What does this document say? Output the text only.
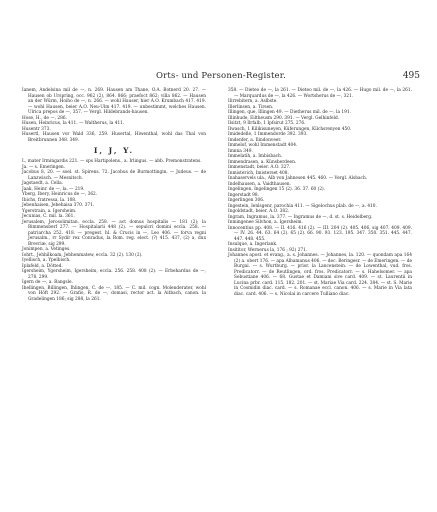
Orts- und Personen-Register.	495

Ianem, Andelsina mil de —, n. 269. Hausen am Thane, O.A. Botnerd 20. 27. — Hausen ob Urspring, occ. 962 (2), 864. 866; praefoct 862; villa 862. — Hausen an der Würm, Hoiho de —, n. 266. — wohl Hauser, hier A.O. Krumbach 417. 419. — wohl Hausen, beier A.O. Neu-Ulm 417. 419. — unbestimmt, welches Hausen. Ulrica prepos de —, 357. — Vergl. Hildebrands-hausen.

Hose, H., de —, 286.

Husen, Heinricus, la 411. — Waltherus, la 411.

Husentr 373.

Husertl, Hausen vor Wald 336, 259. Husertal, Hiwenthal, wohl das Thal von Breitbrunnen 348. 349.

I, J, Y.

I., mater Irmingardis 221. — sps Hartipolens., a. Irlingus. — abb. Premonstratens.

Ja. — s. Emeringen.

Jacobus 8, 20. — soel. st. Spirens. 72. Jacobus de Burmottingin. — Judeus. — de Lanzwisch. — Mesnitsch.

Jagstaedt, a. Cella.

Jaak, Heinr. de —, la. — 219.

Yberg, Ibery, Heinricus de —, 362.

Ibichs, fratressa, la. 108.

Jebenhaisen, Jebehaisa 370. 371.

Ygerstrain, a. Igersheim.

Jecunias, C. mil. la. 361.

Jerusalem, Jerosolimitan. eccla. 258. — act domus hospitalis — 181 (2); la Bimmensberf 277. — Hospitalarii 448 (2). — sepulcri domini eccla. 258. — patriarcha 252. 418. — pregest. hl. & Crucis in —, Leo 406. — forva regni Jerusalm., rr Sydir rex Conradus, la Rom. reg. elect. (?) 415. 437, (2) a, dux Brevriæ, sig 299.

Jonimpen, a. Vetinges.

Iohrt., Jehhilkoam, Jebhenmatew, eccla. 32 (2). 130 (2).

Iyellisch, a. Ypelbisch.

Iplafeld, a. Dötted.

Igersheim, Ygersheim, Igersheim, eccla. 256. 258. 408 (2). — Erbehardus de —, 278. 299.

Igern de —, a. Bangsle.

Ihellingen, Billingen, Ihlingen, C. de —, 185. — C. mil. cogn. Molenderater, wohl von Höft 292. — Grafio, R. de —, domasi, rector act. la Aitbach, canon. la Gradelingen 186; sig 288, la 261.

358. — Dieteo de —, la 261. — Dieteo mil. de —, la 426. — Hugo mil. de —, la 261. — Marquardus de —, la 426. — Wortsherus de —, 321.

Ilirrebitern, a. Aslbste.

Illerlinsen, a. Tirsen.

Illingen, que, Illingen 49. — Dietherus mil. de —, la 191.

Illinhude, Eiltheusm 290. 391. — Vergl. Gelhinfeld.

Ilsitzt, 9 Ilrfalb, 1 Ipfsirut 275. 276.

Ilwasch, 1 Kilikisuneyen, Küferungen, Kilchsrenyen 450.

Imidedelle, 1 Immendorde 392. 393.

Imdenfer, a. Ilindonveer.

Immelof, wohl Immenstadt 404.

Imnna 349.

Immelatih, a. Imbisbach.

Immendrasen, a. Künsberdeen.

Immenstadt, beier. A.O. 327.

Inmisterich, Imisterset 408.

Inahaservels ula., Alb von Jahnesen 445. 460. — Vergl. Alsbach.

Indelhausen, a. Vaidthausen.

Ingelingen, Ingelingen 15 (2). 36. 37. 60 (2).

Ingerstadt 98.

Ingerlingen 306.

Ingestein, Ienlsgenr, parochia 411. — Sigelochus plab. de —, a. 410.

Ingoldstadt, beier. A.O. 382.

Ingram, Ingramus, la. 377. — Ingramus de —, d. st. s. Heidelberg.

Inmingenee Silvhon, a. Igersheim.

Innocentius pp. 408. — II. 416. 416 (2). — III. 204 (2). 405. 406, sig 407. 409. 409. — IV. 26. 44. 63. 64 (2). 65 (2). 66. 90. 93. 123. 195. 347. 350. 351. 445. 447. 447. 448. 455.

Insulque, a. Ingerlank.

Insititor, Wernerus la, 176 ; 92) 271.

Johannes apost. et evang., a. s. Johannes. — Johannes, la. 120. — quondam apa 164 (2) a. obert 176. — apa Albamanus 406. — dec. Beringesr. — de Emeringen. — de Burgai. — s. Wurtburg. — prior. la Lancenstein. — de Lowenthal, vud. fros. Predicatorr. — de Reutlingen, ord. fros. Predicatorr. — s. Hahelsomer. — apa Sebustiane 406. — 68. Gustae et Damiani sive card. 409. — st. Laurentii in Lucina prbr. card. 115. 182. 201. — st. Mariae Via card. 224. 384. — st. S. Marie in Cosmidin diac. card. — s. Romanae eccl. canon. 406. — s. Marie in Via lata diac. card. 406. — s. Nicolai in carcere Tulliano diac.
